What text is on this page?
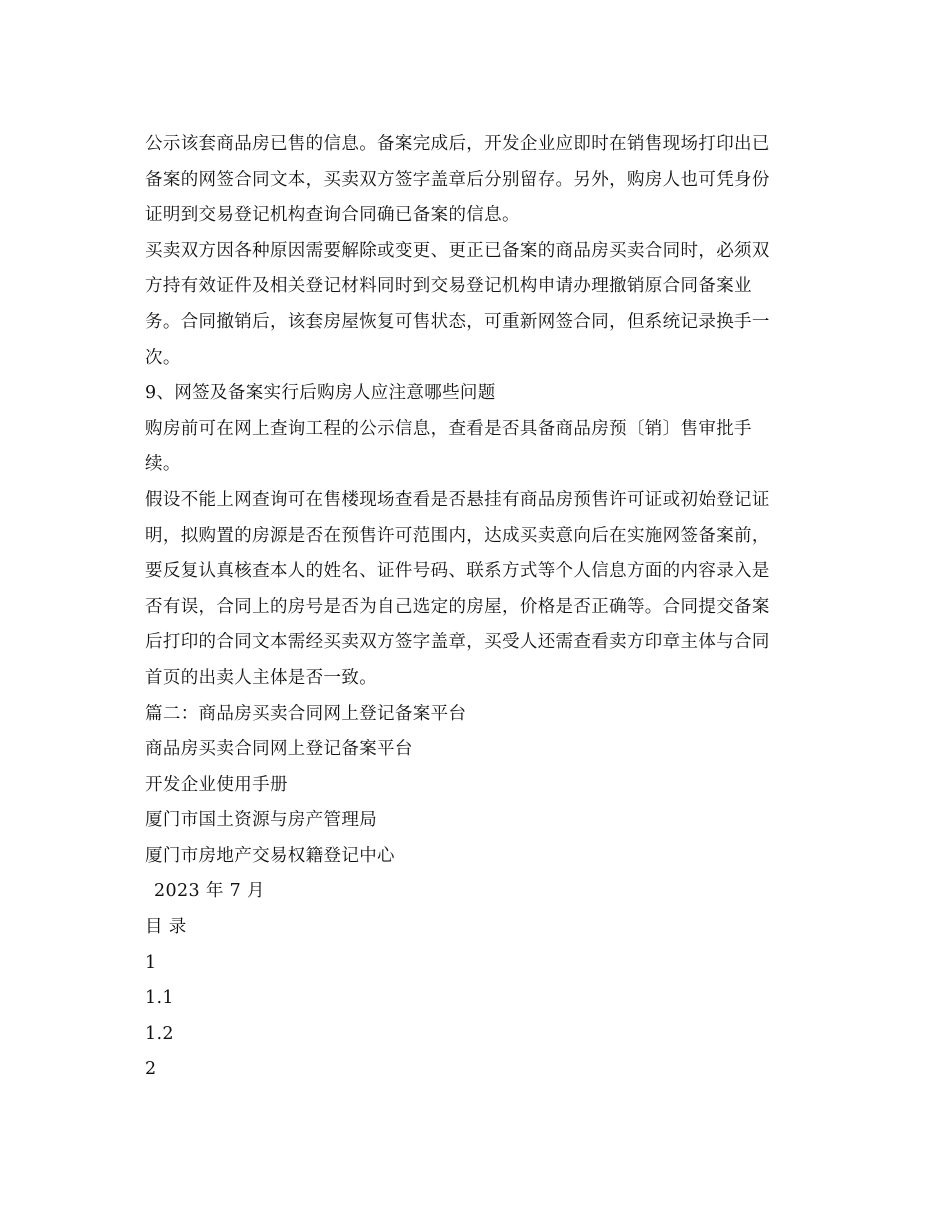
公示该套商品房已售的信息。备案完成后，开发企业应即时在销售现场打印出已
备案的网签合同文本，买卖双方签字盖章后分别留存。另外，购房人也可凭身份
证明到交易登记机构查询合同确已备案的信息。
买卖双方因各种原因需要解除或变更、更正已备案的商品房买卖合同时，必须双
方持有效证件及相关登记材料同时到交易登记机构申请办理撤销原合同备案业
务。合同撤销后，该套房屋恢复可售状态，可重新网签合同，但系统记录换手一
次。
9、网签及备案实行后购房人应注意哪些问题
购房前可在网上查询工程的公示信息，查看是否具备商品房预〔销〕售审批手
续。
假设不能上网查询可在售楼现场查看是否悬挂有商品房预售许可证或初始登记证
明，拟购置的房源是否在预售许可范围内，达成买卖意向后在实施网签备案前，
要反复认真核查本人的姓名、证件号码、联系方式等个人信息方面的内容录入是
否有误，合同上的房号是否为自己选定的房屋，价格是否正确等。合同提交备案
后打印的合同文本需经买卖双方签字盖章，买受人还需查看卖方印章主体与合同
首页的出卖人主体是否一致。
篇二：商品房买卖合同网上登记备案平台
商品房买卖合同网上登记备案平台
开发企业使用手册
厦门市国土资源与房产管理局
厦门市房地产交易权籍登记中心
2023 年 7 月
目 录
1
1.1
1.2
2
